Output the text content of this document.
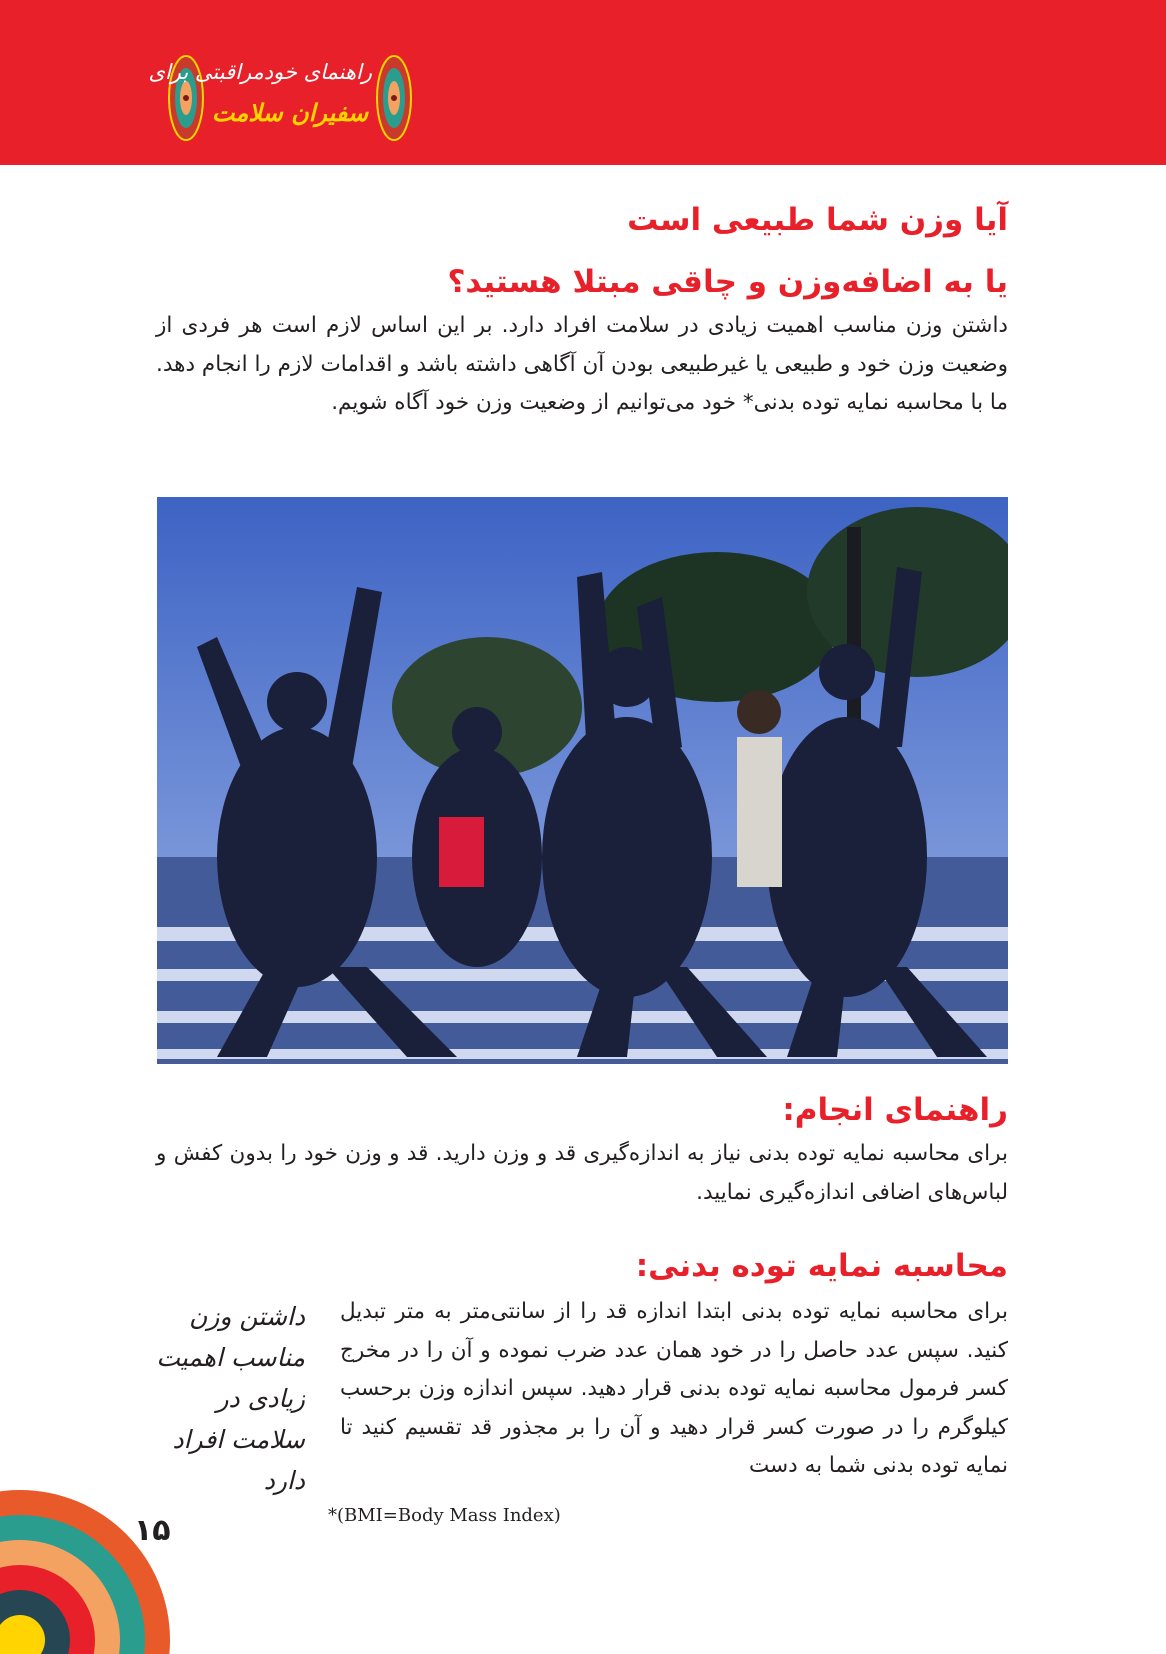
راهنمای خودمراقبتی برای
سفیران سلامت
آیا وزن شما طبیعی است
یا به اضافه‌وزن و چاقی مبتلا هستید؟

داشتن وزن مناسب اهمیت زیادی در سلامت افراد دارد. بر این اساس لازم است هر فردی از وضعیت وزن خود و طبیعی یا غیرطبیعی بودن آن آگاهی داشته باشد و اقدامات لازم را انجام دهد. ما با محاسبه نمایه توده بدنی* خود می‌توانیم از وضعیت وزن خود آگاه شویم.

راهنمای انجام:

برای محاسبه نمایه توده بدنی نیاز به اندازه‌گیری قد و وزن دارید. قد و وزن خود را بدون کفش و لباس‌های اضافی اندازه‌گیری نمایید.

محاسبه نمایه توده بدنی:

برای محاسبه نمایه توده بدنی ابتدا اندازه قد را از سانتی‌متر به متر تبدیل کنید. سپس عدد حاصل را در خود همان عدد ضرب نموده و آن را در مخرج کسر فرمول محاسبه نمایه توده بدنی قرار دهید. سپس اندازه وزن برحسب کیلوگرم را در صورت کسر قرار دهید و آن را بر مجذور قد تقسیم کنید تا نمایه توده بدنی شما به دست

داشتن وزن مناسب اهمیت زیادی در سلامت افراد دارد
*(BMI=Body Mass Index)
۱۵
